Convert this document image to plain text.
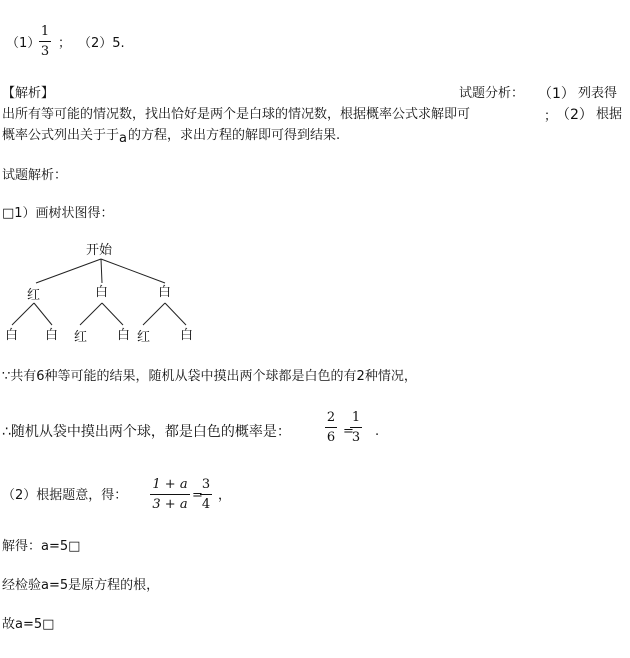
（1）
1
3
； （2）5.
【解析】	试题分析： （1） 列表得
出所有等可能的情况数，找出恰好是两个是白球的情况数，根据概率公式求解即可	；
（2） 根据
概率公式列出关于于 a 的方程，求出方程的解即可得到结果.
试题解析：
□1）画树状图得：
开始
红	白	白
白 白 红 白 红 白
∵共有6种等可能的结果，随机从袋中摸出两个球都是白色的有2种情况，
∴随机从袋中摸出两个球，都是白色的概率是：
2
6 =
1
3 .
（2）根据题意，得：
1 + a
3 + a
=
3
4
，
解得：a=5□
经检验a=5是原方程的根，
故a=5□
